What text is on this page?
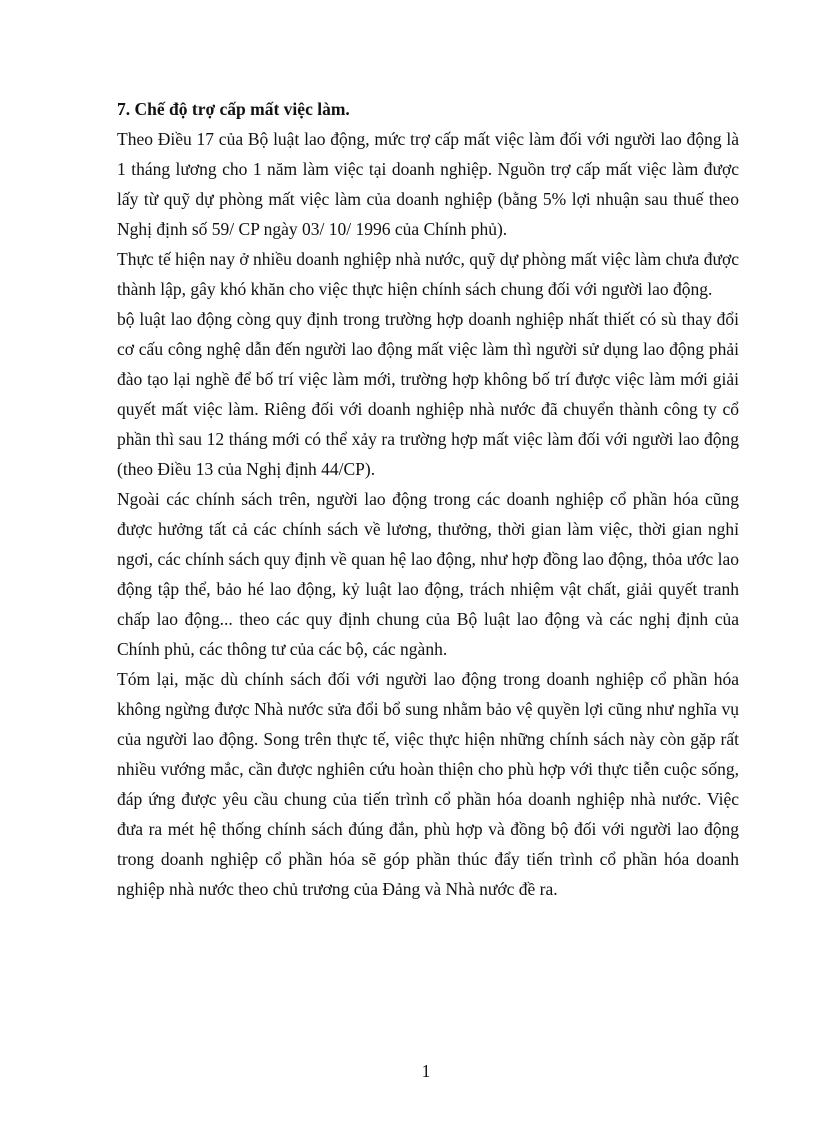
7. Chế độ trợ cấp mất việc làm.

Theo Điều 17 của Bộ luật lao động, mức trợ cấp mất việc làm đối với người lao động là 1 tháng lương cho 1 năm làm việc tại doanh nghiệp. Nguồn trợ cấp mất việc làm được lấy từ quỹ dự phòng mất việc làm của doanh nghiệp (bằng 5% lợi nhuận sau thuế theo Nghị định số 59/ CP ngày 03/ 10/ 1996 của Chính phủ).

Thực tế hiện nay ở nhiều doanh nghiệp nhà nước, quỹ dự phòng mất việc làm chưa được thành lập, gây khó khăn cho việc thực hiện chính sách chung đối với người lao động.

bộ luật lao động còng quy định trong trường hợp doanh nghiệp nhất thiết có sù thay đổi cơ cấu công nghệ dẫn đến người lao động mất việc làm thì người sử dụng lao động phải đào tạo lại nghề để bố trí việc làm mới, trường hợp không bố trí được việc làm mới giải quyết mất việc làm. Riêng đối với doanh nghiệp nhà nước đã chuyển thành công ty cổ phần thì sau 12 tháng mới có thể xảy ra trường hợp mất việc làm đối với người lao động (theo Điều 13 của Nghị định 44/CP).

Ngoài các chính sách trên, người lao động trong các doanh nghiệp cổ phần hóa cũng được hưởng tất cả các chính sách về lương, thưởng, thời gian làm việc, thời gian nghỉ ngơi, các chính sách quy định về quan hệ lao động, như hợp đồng lao động, thỏa ước lao động tập thể, bảo hé lao động, kỷ luật lao động, trách nhiệm vật chất, giải quyết tranh chấp lao động... theo các quy định chung của Bộ luật lao động và các nghị định của Chính phủ, các thông tư của các bộ, các ngành.

Tóm lại, mặc dù chính sách đối với người lao động trong doanh nghiệp cổ phần hóa không ngừng được Nhà nước sửa đổi bổ sung nhằm bảo vệ quyền lợi cũng như nghĩa vụ của người lao động. Song trên thực tế, việc thực hiện những chính sách này còn gặp rất nhiều vướng mắc, cần được nghiên cứu hoàn thiện cho phù hợp với thực tiễn cuộc sống, đáp ứng được yêu cầu chung của tiến trình cổ phần hóa doanh nghiệp nhà nước. Việc đưa ra mét hệ thống chính sách đúng đắn, phù hợp và đồng bộ đối với người lao động trong doanh nghiệp cổ phần hóa sẽ góp phần thúc đẩy tiến trình cổ phần hóa doanh nghiệp nhà nước theo chủ trương của Đảng và Nhà nước đề ra.

1
